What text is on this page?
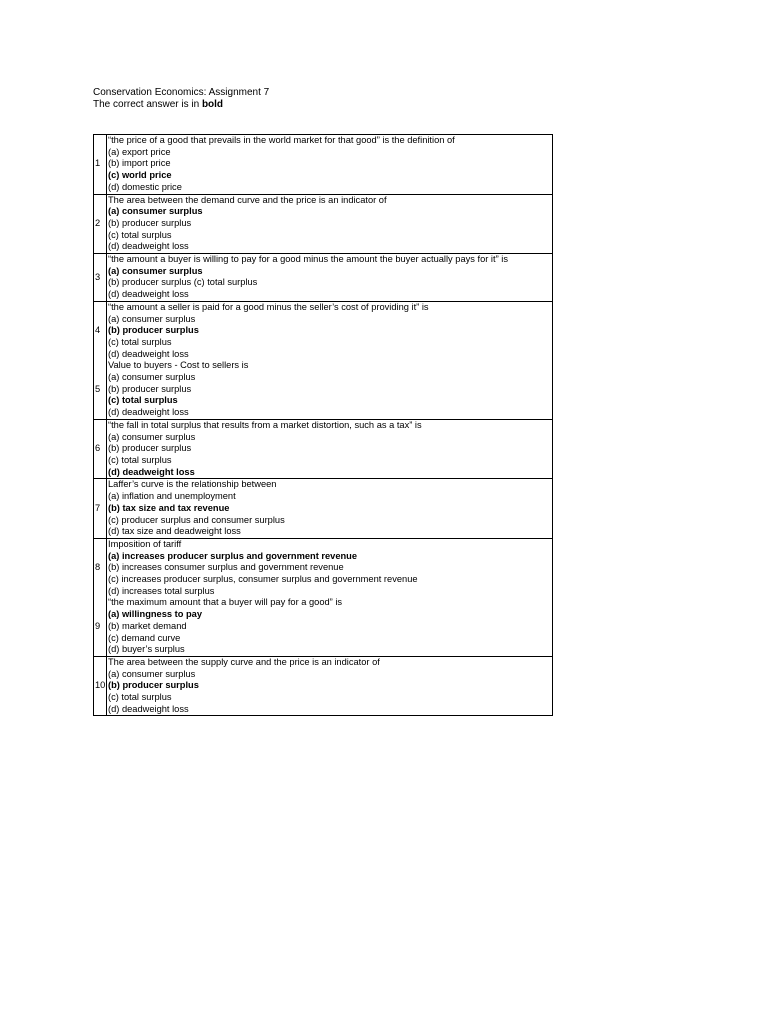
Conservation Economics: Assignment 7
The correct answer is in bold
1	“the price of a good that prevails in the world market for that good” is the definition of
(a) export price
(b) import price
(c) world price
(d) domestic price

2	The area between the demand curve and the price is an indicator of
(a) consumer surplus
(b) producer surplus
(c) total surplus
(d) deadweight loss

3	“the amount a buyer is willing to pay for a good minus the amount the buyer actually pays for it” is
(a) consumer surplus
(b) producer surplus (c) total surplus
(d) deadweight loss

4	“the amount a seller is paid for a good minus the seller’s cost of providing it” is
(a) consumer surplus
(b) producer surplus
(c) total surplus
(d) deadweight loss

5	Value to buyers - Cost to sellers is
(a) consumer surplus
(b) producer surplus
(c) total surplus
(d) deadweight loss

6	“the fall in total surplus that results from a market distortion, such as a tax” is
(a) consumer surplus
(b) producer surplus
(c) total surplus
(d) deadweight loss

7	Laffer’s curve is the relationship between
(a) inflation and unemployment
(b) tax size and tax revenue
(c) producer surplus and consumer surplus
(d) tax size and deadweight loss

8	Imposition of tariff
(a) increases producer surplus and government revenue
(b) increases consumer surplus and government revenue
(c) increases producer surplus, consumer surplus and government revenue
(d) increases total surplus

9	“the maximum amount that a buyer will pay for a good” is
(a) willingness to pay
(b) market demand
(c) demand curve
(d) buyer’s surplus

10	The area between the supply curve and the price is an indicator of
(a) consumer surplus
(b) producer surplus
(c) total surplus
(d) deadweight loss
